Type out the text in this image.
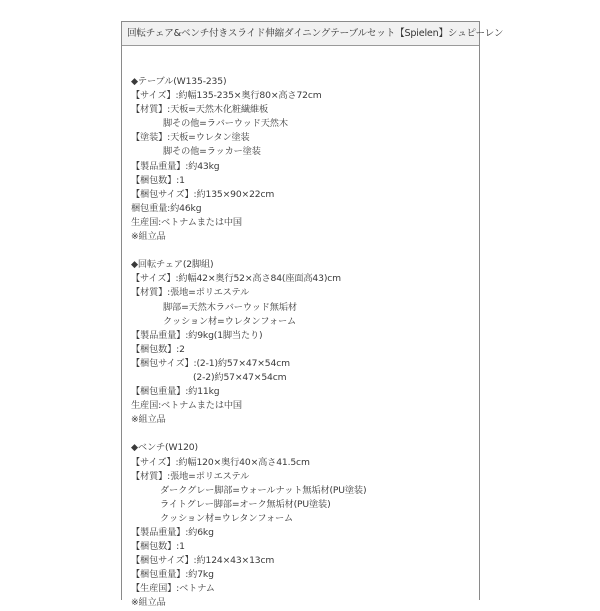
回転チェア&ベンチ付きスライド伸縮ダイニングテーブルセット【Spielen】シュピーレン
◆テーブル(W135-235)
【サイズ】:約幅135-235×奥行80×高さ72cm
【材質】:天板=天然木化粧繊維板
脚その他=ラバーウッド天然木
【塗装】:天板=ウレタン塗装
脚その他=ラッカー塗装
【製品重量】:約43kg
【梱包数】:1
【梱包サイズ】:約135×90×22cm
梱包重量:約46kg
生産国:ベトナムまたは中国
※組立品
◆回転チェア(2脚組)
【サイズ】:約幅42×奥行52×高さ84(座面高43)cm
【材質】:張地=ポリエステル
脚部=天然木ラバーウッド無垢材
クッション材=ウレタンフォーム
【製品重量】:約9kg(1脚当たり)
【梱包数】:2
【梱包サイズ】:(2-1)約57×47×54cm
(2-2)約57×47×54cm
【梱包重量】:約11kg
生産国:ベトナムまたは中国
※組立品
◆ベンチ(W120)
【サイズ】:約幅120×奥行40×高さ41.5cm
【材質】:張地=ポリエステル
ダークグレー脚部=ウォールナット無垢材(PU塗装)
ライトグレー脚部=オーク無垢材(PU塗装)
クッション材=ウレタンフォーム
【製品重量】:約6kg
【梱包数】:1
【梱包サイズ】:約124×43×13cm
【梱包重量】:約7kg
【生産国】:ベトナム
※組立品
